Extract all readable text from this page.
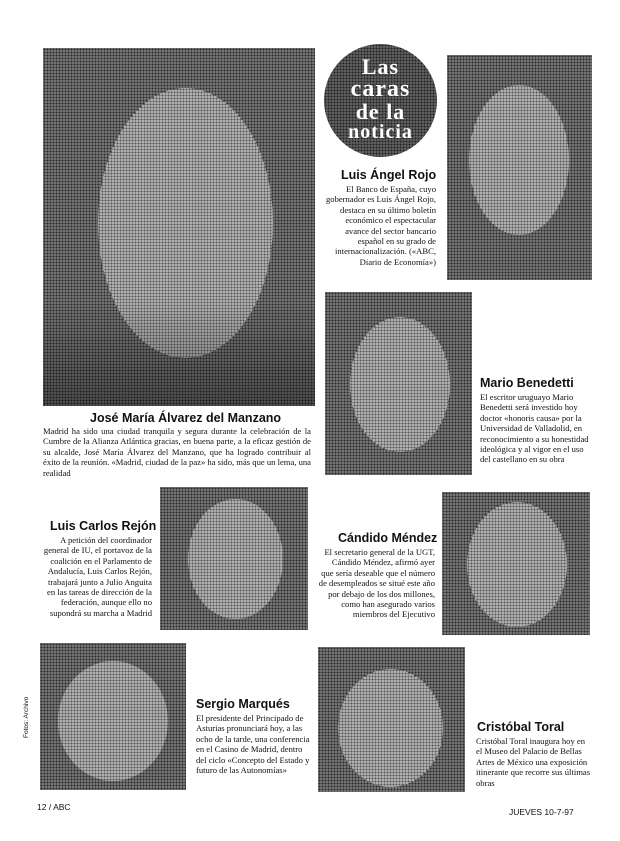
Las
caras
de la
noticia
José María Álvarez del Manzano
Madrid ha sido una ciudad tranquila y segura durante la celebración de la Cumbre de la Alianza Atlántica gracias, en buena parte, a la eficaz gestión de su alcalde, José María Álvarez del Manzano, que ha logrado contribuir al éxito de la reunión. «Madrid, ciudad de la paz» ha sido, más que un lema, una realidad
Luis Ángel Rojo
El Banco de España, cuyo gobernador es Luis Ángel Rojo, destaca en su último boletín económico el espectacular avance del sector bancario español en su grado de internacionalización. («ABC, Diario de Economía»)
Mario Benedetti
El escritor uruguayo Mario Benedetti será investido hoy doctor «honoris causa» por la Universidad de Valladolid, en reconocimiento a su honestidad ideológica y al vigor en el uso del castellano en su obra
Luis Carlos Rejón
A petición del coordinador general de IU, el portavoz de la coalición en el Parlamento de Andalucía, Luis Carlos Rejón, trabajará junto a Julio Anguita en las tareas de dirección de la federación, aunque ello no supondrá su marcha a Madrid
Cándido Méndez
El secretario general de la UGT, Cándido Méndez, afirmó ayer que sería deseable que el número de desempleados se situé este año por debajo de los dos millones, como han asegurado varios miembros del Ejecutivo
Sergio Marqués
El presidente del Principado de Asturias pronunciará hoy, a las ocho de la tarde, una conferencia en el Casino de Madrid, dentro del ciclo «Concepto del Estado y futuro de las Autonomías»
Cristóbal Toral
Cristóbal Toral inaugura hoy en el Museo del Palacio de Bellas Artes de México una exposición itinerante que recorre sus últimas obras
Fotos: Archivo
12 / ABC	JUEVES 10-7-97
